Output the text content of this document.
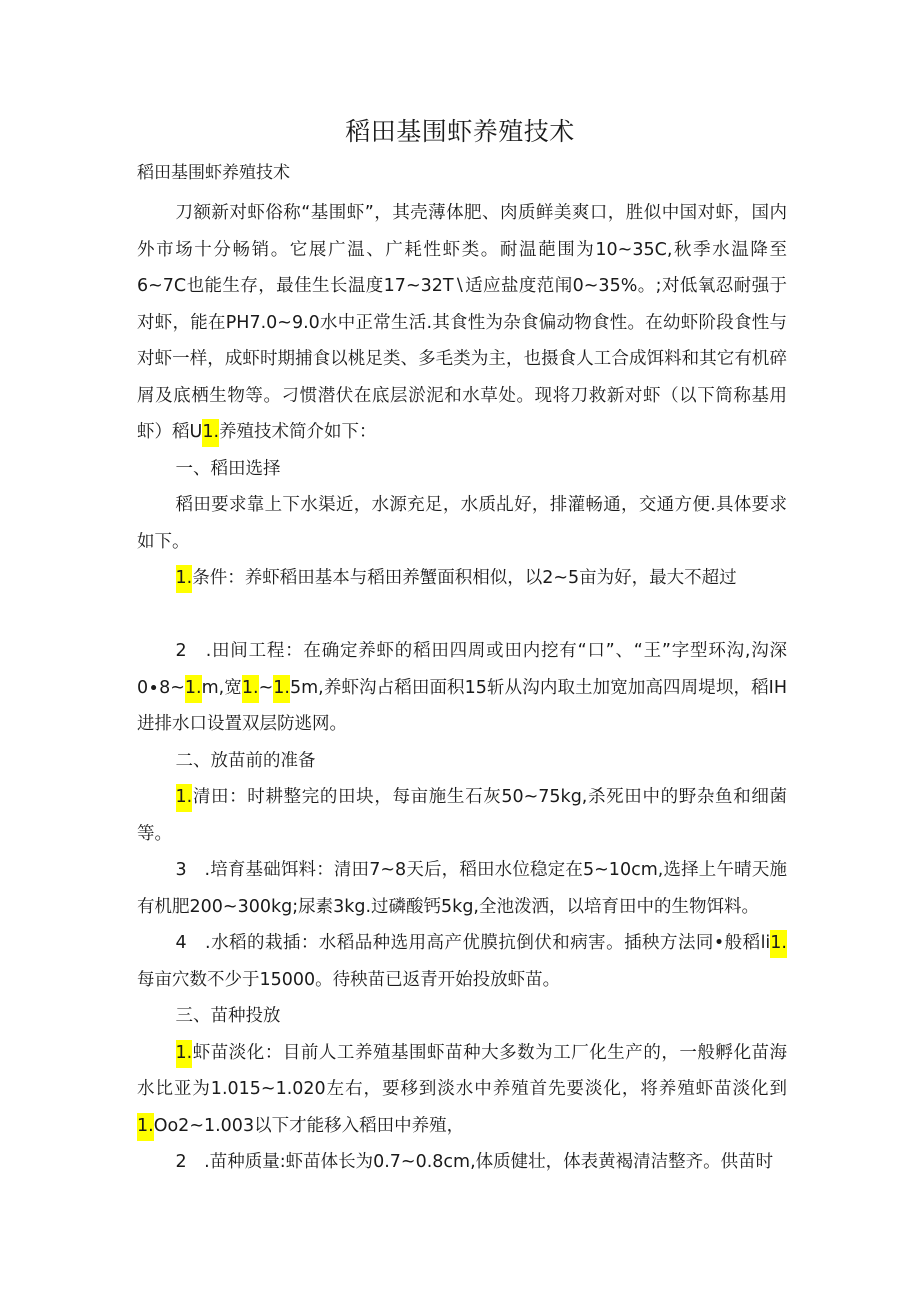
稻田基围虾养殖技术
稻田基围虾养殖技术

刀额新对虾俗称“基围虾”，其壳薄体肥、肉质鲜美爽口，胜似中国对虾，国内外市场十分畅销。它展广温、广耗性虾类。耐温葩围为10~35C,秋季水温降至6~7C也能生存，最佳生长温度17~32T∖适应盐度范闱0~35%。;对低氧忍耐强于对虾，能在PH7.0~9.0水中正常生活.其食性为杂食偏动物食性。在幼虾阶段食性与对虾一样，成虾时期捕食以桃足类、多毛类为主，也摄食人工合成饵料和其它有机碎屑及底栖生物等。刁惯潜伏在底层淤泥和水草处。现将刀救新对虾（以下筒称基用虾）稻U1.养殖技术简介如下：

一、稻田选择

稻田要求靠上下水渠近，水源充足，水质乩好，排灌畅通，交通方便.具体要求如下。

1.条件：养虾稻田基本与稻田养蟹面积相似，以2~5亩为好，最大不超过

2　.田间工程：在确定养虾的稻田四周或田内挖有“口”、“王”字型环沟,沟深0∙8~1.m,宽1.~1.5m,养虾沟占稻田面积15斩从沟内取土加宽加高四周堤坝，稻IH进排水口设置双层防逃网。

二、放苗前的准备

1.清田：时耕整完的田块，每亩施生石灰50~75kg,杀死田中的野杂鱼和细菌等。

3　.培育基础饵料：清田7~8天后，稻田水位稳定在5~10cm,选择上午晴天施有机肥200~300kg;尿素3kg.过磷酸钙5kg,全池泼洒，以培育田中的生物饵料。

4　.水稻的栽插：水稻品种选用高产优膜抗倒伏和病害。插秧方法同•般稻li1.每亩穴数不少于15000。待秧苗已返青开始投放虾苗。

三、苗种投放

1.虾苗淡化：目前人工养殖基围虾苗种大多数为工厂化生产的，一般孵化苗海水比亚为1.015~1.020左右，要移到淡水中养殖首先要淡化，将养殖虾苗淡化到1.Oo2~1.003以下才能移入稻田中养殖，

2　.苗种质量:虾苗体长为0.7~0.8cm,体质健壮，体表黄褐清洁整齐。供苗时
